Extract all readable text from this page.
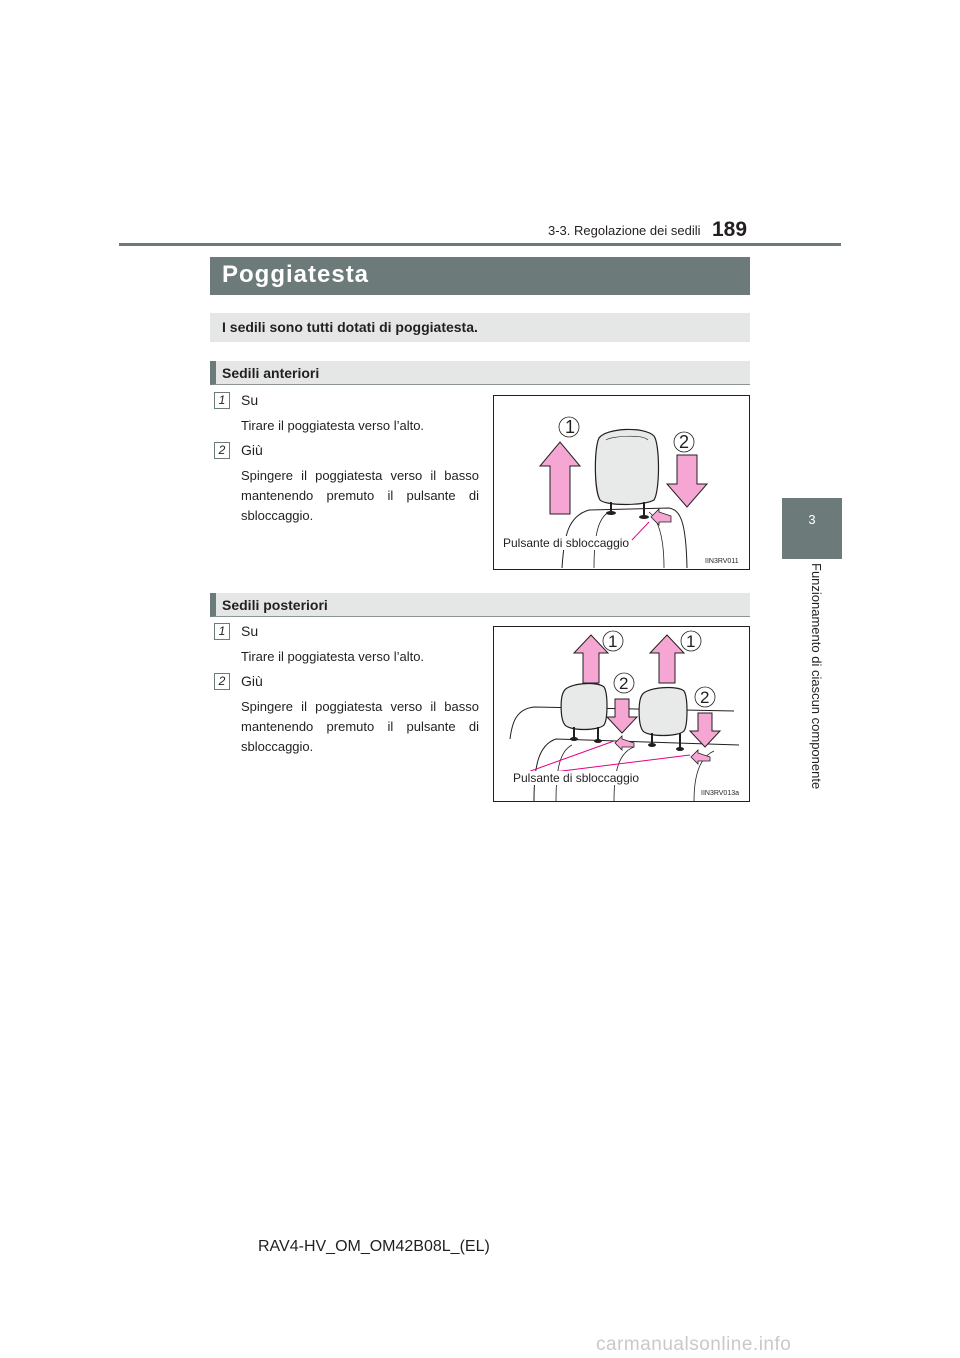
3-3. Regolazione dei sedili 189
3
Funzionamento di ciascun componente
Poggiatesta
I sedili sono tutti dotati di poggiatesta.
Sedili anteriori
1	Su
Tirare il poggiatesta verso l’alto.
2	Giù
Spingere il poggiatesta verso il basso mantenendo premuto il pulsante di sbloccaggio.
1
2
Pulsante di sbloccaggio
IIN3RV011
Sedili posteriori
1	Su
Tirare il poggiatesta verso l’alto.
2	Giù
Spingere il poggiatesta verso il basso mantenendo premuto il pulsante di sbloccaggio.
1	1
2
2
Pulsante di sbloccaggio
IIN3RV013a
RAV4-HV_OM_OM42B08L_(EL)
carmanualsonline.info
